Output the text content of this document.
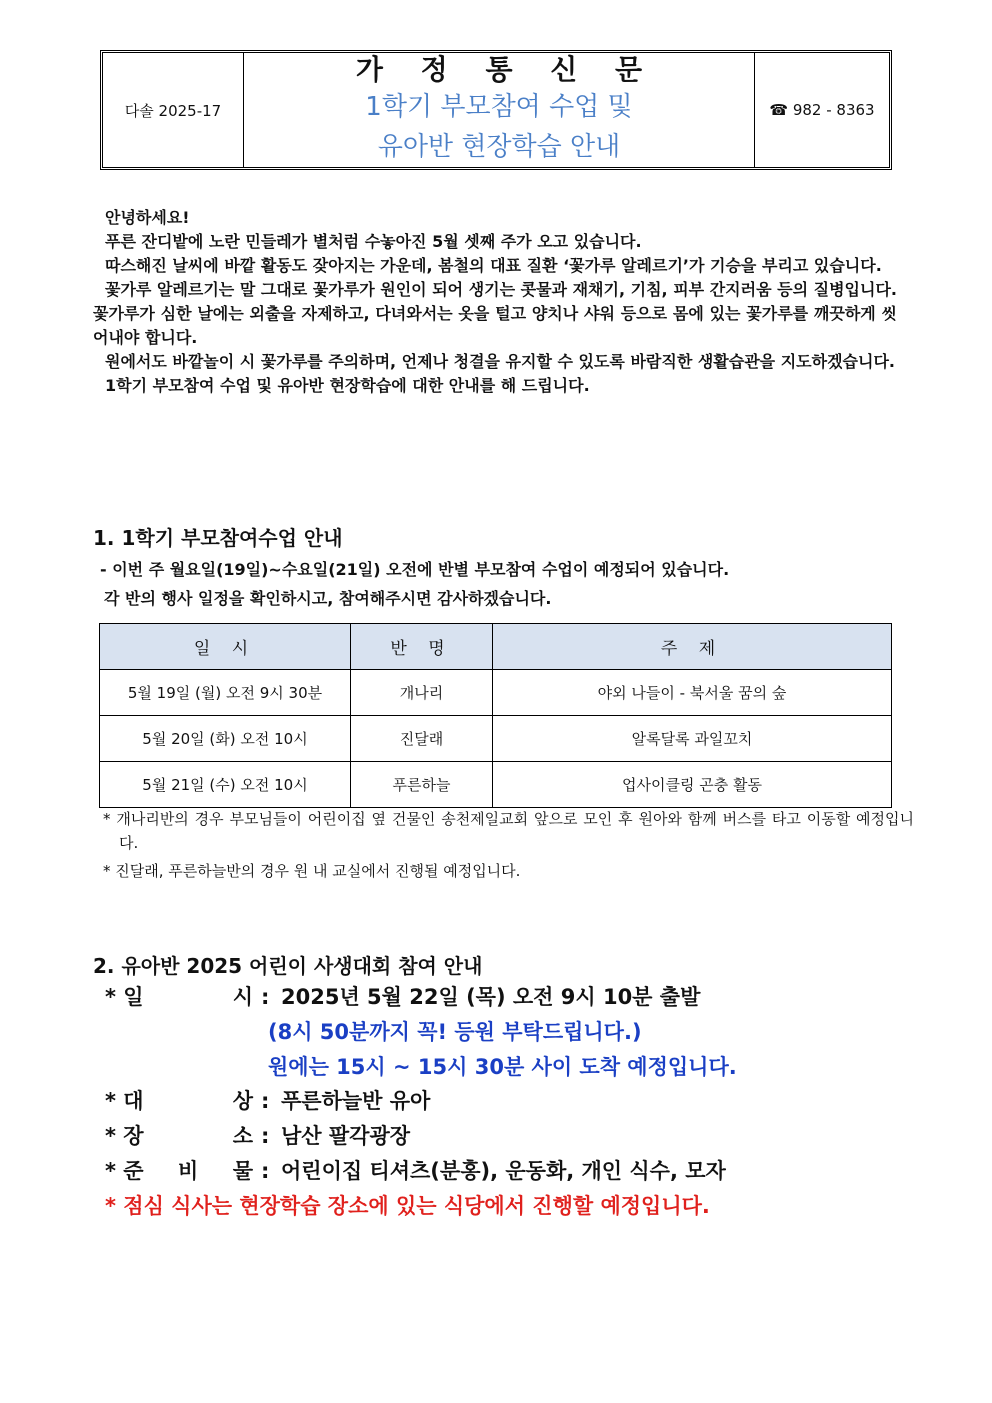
다솔 2025-17
가 정 통 신 문
1학기 부모참여 수업 및
유아반 현장학습 안내
☎ 982 - 8363

안녕하세요!

푸른 잔디밭에 노란 민들레가 별처럼 수놓아진 5월 셋째 주가 오고 있습니다.

따스해진 날씨에 바깥 활동도 잦아지는 가운데, 봄철의 대표 질환 ‘꽃가루 알레르기’가 기승을 부리고 있습니다.

꽃가루 알레르기는 말 그대로 꽃가루가 원인이 되어 생기는 콧물과 재채기, 기침, 피부 간지러움 등의 질병입니다. 꽃가루가 심한 날에는 외출을 자제하고, 다녀와서는 옷을 털고 양치나 샤워 등으로 몸에 있는 꽃가루를 깨끗하게 씻어내야 합니다.

원에서도 바깥놀이 시 꽃가루를 주의하며, 언제나 청결을 유지할 수 있도록 바람직한 생활습관을 지도하겠습니다.

1학기 부모참여 수업 및 유아반 현장학습에 대한 안내를 해 드립니다.

1. 1학기 부모참여수업 안내
- 이번 주 월요일(19일)~수요일(21일) 오전에 반별 부모참여 수업이 예정되어 있습니다.
각 반의 행사 일정을 확인하시고, 참여해주시면 감사하겠습니다.
일 시	반 명	주 제
5월 19일 (월) 오전 9시 30분	개나리	야외 나들이 - 북서울 꿈의 숲
5월 20일 (화) 오전 10시	진달래	알록달록 과일꼬치
5월 21일 (수) 오전 10시	푸른하늘	업사이클링 곤충 활동
* 개나리반의 경우 부모님들이 어린이집 옆 건물인 송천제일교회 앞으로 모인 후 원아와 함께 버스를 타고 이동할 예정입니다.
* 진달래, 푸른하늘반의 경우 원 내 교실에서 진행될 예정입니다.
2. 유아반 2025 어린이 사생대회 참여 안내
* 일	시 : 2025년 5월 22일 (목) 오전 9시 10분 출발
(8시 50분까지 꼭! 등원 부탁드립니다.)
원에는 15시 ~ 15시 30분 사이 도착 예정입니다.
* 대	상 : 푸른하늘반 유아
* 장	소 : 남산 팔각광장
* 준 비 물 : 어린이집 티셔츠(분홍), 운동화, 개인 식수, 모자
* 점심 식사는 현장학습 장소에 있는 식당에서 진행할 예정입니다.
